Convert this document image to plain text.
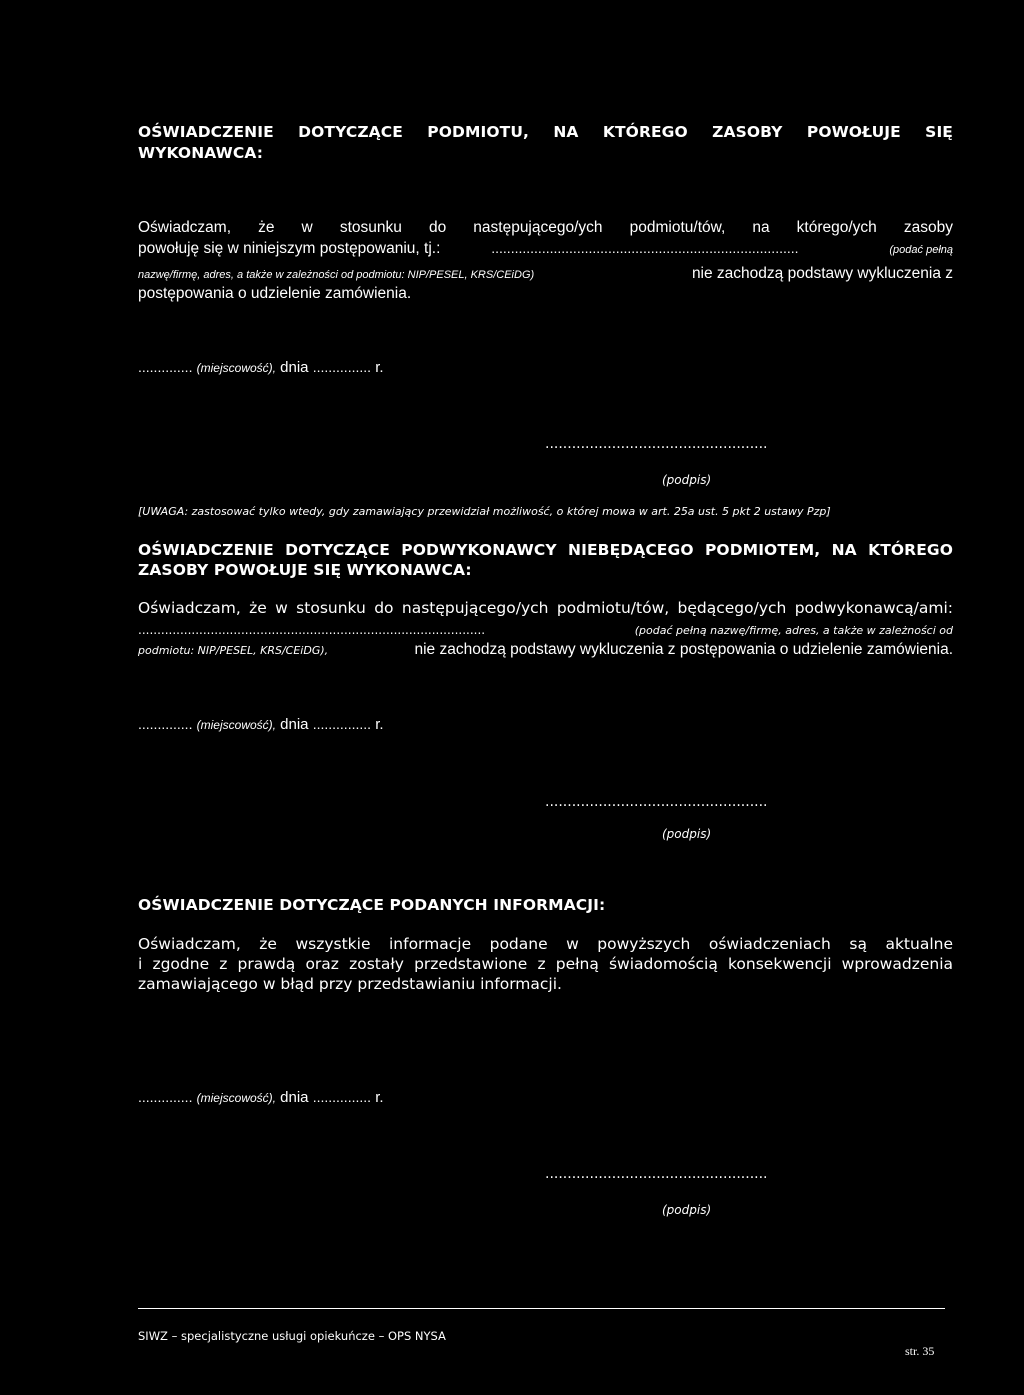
OŚWIADCZENIE DOTYCZĄCE PODMIOTU, NA KTÓREGO ZASOBY POWOŁUJE SIĘ
WYKONAWCA:
Oświadczam, że w stosunku do następującego/ych podmiotu/tów, na którego/ych zasoby
powołuję się w niniejszym postępowaniu, tj.:	...............................................................................	(podać pełną
nazwę/firmę, adres, a także w zależności od podmiotu: NIP/PESEL, KRS/CEiDG)	nie zachodzą podstawy wykluczenia z
postępowania o udzielenie zamówienia.
.............. (miejscowość), dnia ............... r.
..................................................
(podpis)
[UWAGA: zastosować tylko wtedy, gdy zamawiający przewidział możliwość, o której mowa w art. 25a ust. 5 pkt 2 ustawy Pzp]
OŚWIADCZENIE DOTYCZĄCE PODWYKONAWCY NIEBĘDĄCEGO PODMIOTEM, NA KTÓREGO
ZASOBY POWOŁUJE SIĘ WYKONAWCA:
Oświadczam, że w stosunku do następującego/ych podmiotu/tów, będącego/ych podwykonawcą/ami:
...........................................................................................	(podać pełną nazwę/firmę, adres, a także w zależności od
podmiotu: NIP/PESEL, KRS/CEiDG),	nie zachodzą podstawy wykluczenia z postępowania o udzielenie zamówienia.
.............. (miejscowość), dnia ............... r.
..................................................
(podpis)
OŚWIADCZENIE DOTYCZĄCE PODANYCH INFORMACJI:
Oświadczam, że wszystkie informacje podane w powyższych oświadczeniach są aktualne
i zgodne z prawdą oraz zostały przedstawione z pełną świadomością konsekwencji wprowadzenia
zamawiającego w błąd przy przedstawianiu informacji.
.............. (miejscowość), dnia ............... r.
..................................................
(podpis)
SIWZ – specjalistyczne usługi opiekuńcze – OPS NYSA
str. 35
